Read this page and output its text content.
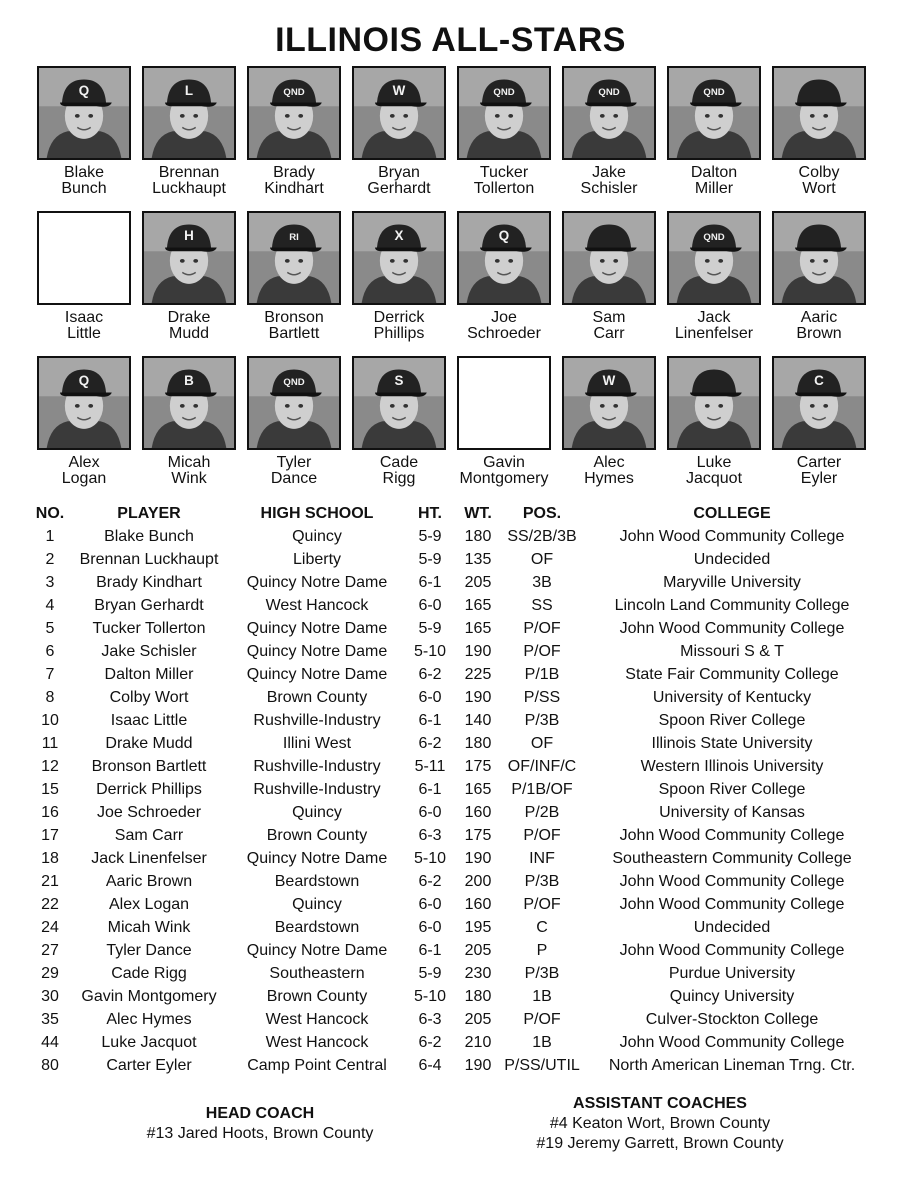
ILLINOIS ALL-STARS
Q
Blake
Bunch
L
Brennan
Luckhaupt
QND
Brady
Kindhart
W
Bryan
Gerhardt
QND
Tucker
Tollerton
QND
Jake
Schisler
QND
Dalton
Miller
Colby
Wort
Isaac
Little
H
Drake
Mudd
RI
Bronson
Bartlett
X
Derrick
Phillips
Q
Joe
Schroeder
Sam
Carr
QND
Jack
Linenfelser
Aaric
Brown
Q
Alex
Logan
B
Micah
Wink
QND
Tyler
Dance
S
Cade
Rigg
Gavin
Montgomery
W
Alec
Hymes
Luke
Jacquot
C
Carter
Eyler
NO.	PLAYER	HIGH SCHOOL	HT.	WT.	POS.	COLLEGE
1	Blake Bunch	Quincy	5-9	180 SS/2B/3B	John Wood Community College
2	Brennan Luckhaupt	Liberty	5-9	135	OF	Undecided
3	Brady Kindhart	Quincy Notre Dame	6-1	205	3B	Maryville University
4	Bryan Gerhardt	West Hancock	6-0	165	SS	Lincoln Land Community College
5	Tucker Tollerton	Quincy Notre Dame	5-9	165	P/OF	John Wood Community College
6	Jake Schisler	Quincy Notre Dame	5-10	190	P/OF	Missouri S & T
7	Dalton Miller	Quincy Notre Dame	6-2	225	P/1B	State Fair Community College
8	Colby Wort	Brown County	6-0	190	P/SS	University of Kentucky
10	Isaac Little	Rushville-Industry	6-1	140	P/3B	Spoon River College
11	Drake Mudd	Illini West	6-2	180	OF	Illinois State University
12	Bronson Bartlett	Rushville-Industry	5-11	175	OF/INF/C	Western Illinois University
15	Derrick Phillips	Rushville-Industry	6-1	165	P/1B/OF	Spoon River College
16	Joe Schroeder	Quincy	6-0	160	P/2B	University of Kansas
17	Sam Carr	Brown County	6-3	175	P/OF	John Wood Community College
18	Jack Linenfelser	Quincy Notre Dame	5-10	190	INF	Southeastern Community College
21	Aaric Brown	Beardstown	6-2	200	P/3B	John Wood Community College
22	Alex Logan	Quincy	6-0	160	P/OF	John Wood Community College
24	Micah Wink	Beardstown	6-0	195	C	Undecided
27	Tyler Dance	Quincy Notre Dame	6-1	205	P	John Wood Community College
29	Cade Rigg	Southeastern	5-9	230	P/3B	Purdue University
30	Gavin Montgomery	Brown County	5-10	180	1B	Quincy University
35	Alec Hymes	West Hancock	6-3	205	P/OF	Culver-Stockton College
44	Luke Jacquot	West Hancock	6-2	210	1B	John Wood Community College
80	Carter Eyler	Camp Point Central	6-4	190 P/SS/UTIL	North American Lineman Trng. Ctr.
HEAD COACH
#13 Jared Hoots, Brown County
ASSISTANT COACHES
#4 Keaton Wort, Brown County
#19 Jeremy Garrett, Brown County
